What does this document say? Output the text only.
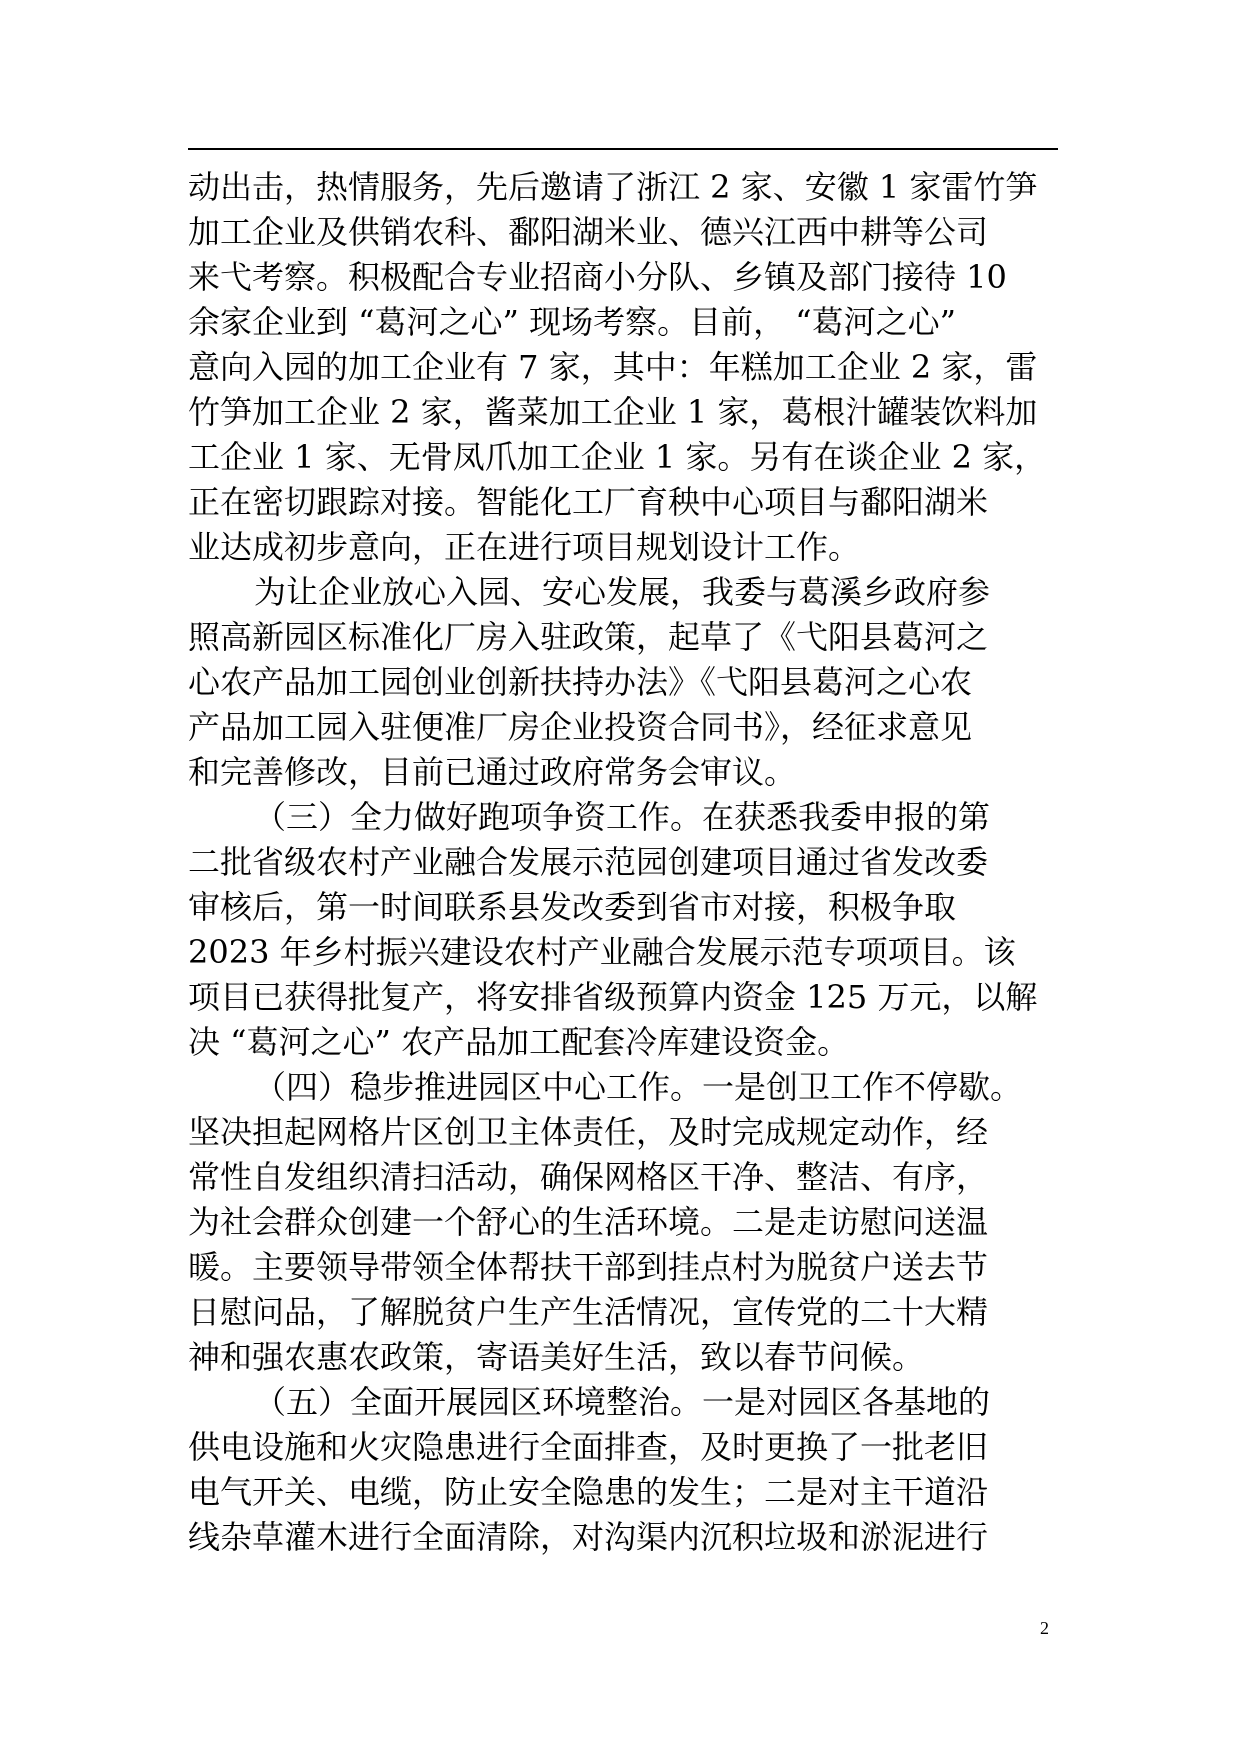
动出击，热情服务，先后邀请了浙江 2 家、安徽 1 家雷竹笋
加工企业及供销农科、鄱阳湖米业、德兴江西中耕等公司
来弋考察。积极配合专业招商小分队、乡镇及部门接待 10
余家企业到 “葛河之心” 现场考察。目前， “葛河之心”
意向入园的加工企业有 7 家，其中：年糕加工企业 2 家，雷
竹笋加工企业 2 家，酱菜加工企业 1 家，葛根汁罐装饮料加
工企业 1 家、无骨凤爪加工企业 1 家。另有在谈企业 2 家，
正在密切跟踪对接。智能化工厂育秧中心项目与鄱阳湖米
业达成初步意向，正在进行项目规划设计工作。
为让企业放心入园、安心发展，我委与葛溪乡政府参
照高新园区标准化厂房入驻政策，起草了《弋阳县葛河之
心农产品加工园创业创新扶持办法》《弋阳县葛河之心农
产品加工园入驻便准厂房企业投资合同书》，经征求意见
和完善修改，目前已通过政府常务会审议。
（三）全力做好跑项争资工作。在获悉我委申报的第
二批省级农村产业融合发展示范园创建项目通过省发改委
审核后，第一时间联系县发改委到省市对接，积极争取
2023 年乡村振兴建设农村产业融合发展示范专项项目。该
项目已获得批复产，将安排省级预算内资金 125 万元，以解
决 “葛河之心” 农产品加工配套冷库建设资金。
（四）稳步推进园区中心工作。一是创卫工作不停歇。
坚决担起网格片区创卫主体责任，及时完成规定动作，经
常性自发组织清扫活动，确保网格区干净、整洁、有序，
为社会群众创建一个舒心的生活环境。二是走访慰问送温
暖。主要领导带领全体帮扶干部到挂点村为脱贫户送去节
日慰问品，了解脱贫户生产生活情况，宣传党的二十大精
神和强农惠农政策，寄语美好生活，致以春节问候。
（五）全面开展园区环境整治。一是对园区各基地的
供电设施和火灾隐患进行全面排查，及时更换了一批老旧
电气开关、电缆，防止安全隐患的发生；二是对主干道沿
线杂草灌木进行全面清除，对沟渠内沉积垃圾和淤泥进行
2
